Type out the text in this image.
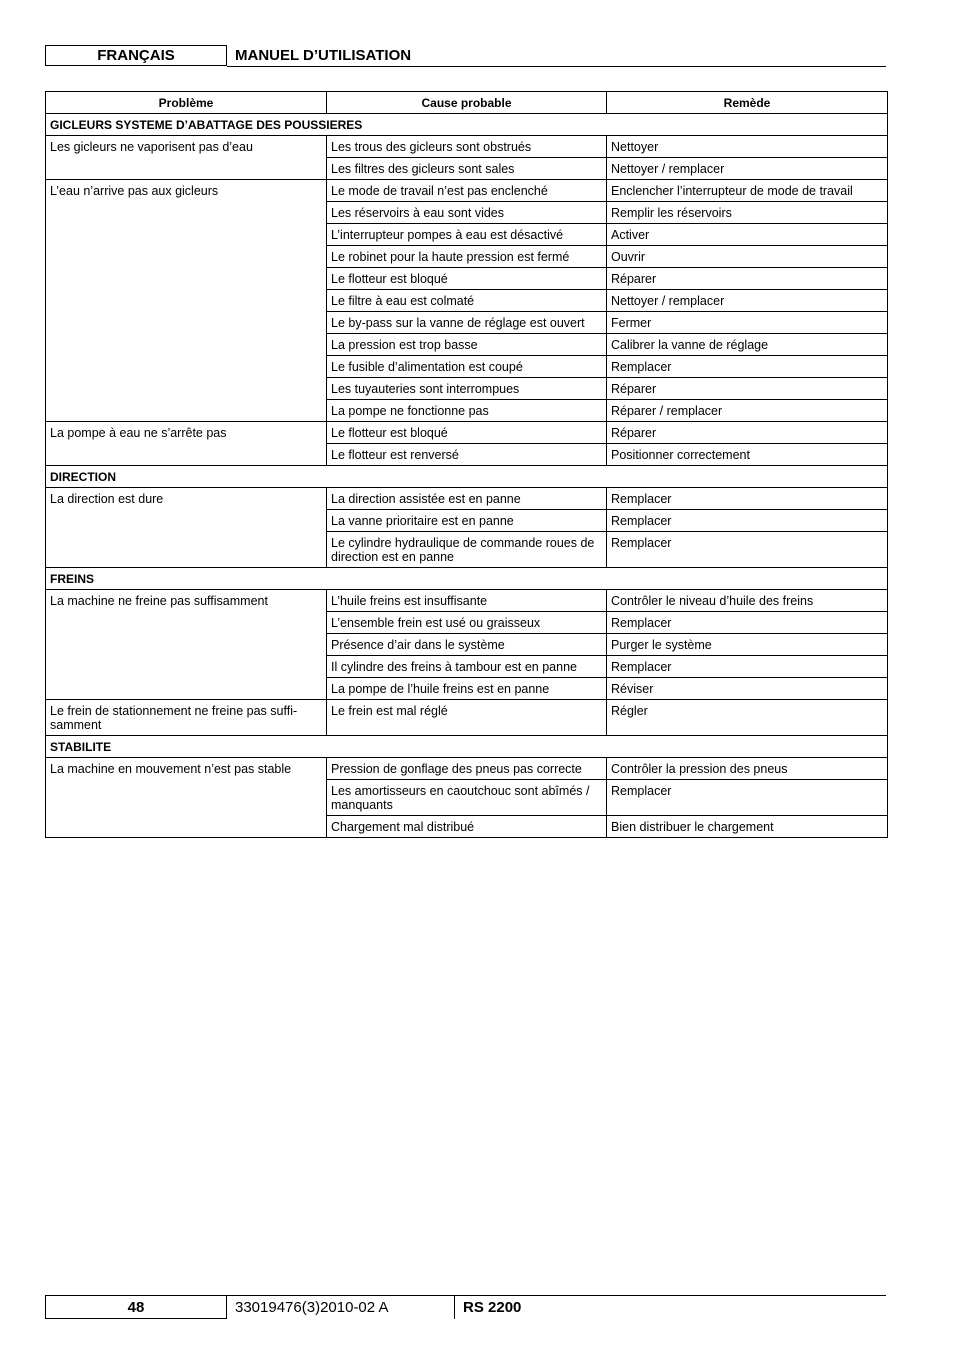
FRANÇAIS	MANUEL D’UTILISATION
Problème	Cause probable	Remède
GICLEURS SYSTEME D’ABATTAGE DES POUSSIERES		
Les gicleurs ne vaporisent pas d’eau	Les trous des gicleurs sont obstrués	Nettoyer
	Les filtres des gicleurs sont sales	Nettoyer / remplacer
L’eau n’arrive pas aux gicleurs	Le mode de travail n’est pas enclenché	Enclencher l’interrupteur de mode de travail
	Les réservoirs à eau sont vides	Remplir les réservoirs
	L’interrupteur pompes à eau est désactivé	Activer
	Le robinet pour la haute pression est fermé	Ouvrir
	Le flotteur est bloqué	Réparer
	Le filtre à eau est colmaté	Nettoyer / remplacer
	Le by-pass sur la vanne de réglage est ouvert	Fermer
	La pression est trop basse	Calibrer la vanne de réglage
	Le fusible d’alimentation est coupé	Remplacer
	Les tuyauteries sont interrompues	Réparer
	La pompe ne fonctionne pas	Réparer / remplacer
La pompe à eau ne s’arrête pas	Le flotteur est bloqué	Réparer
	Le flotteur est renversé	Positionner correctement
DIRECTION		
La direction est dure	La direction assistée est en panne	Remplacer
	La vanne prioritaire est en panne	Remplacer
	Le cylindre hydraulique de commande roues de direction est en panne	Remplacer
FREINS		
La machine ne freine pas suffisamment	L’huile freins est insuffisante	Contrôler le niveau d’huile des freins
	L’ensemble frein est usé ou graisseux	Remplacer
	Présence d’air dans le système	Purger le système
	Il cylindre des freins à tambour est en panne	Remplacer
	La pompe de l’huile freins est en panne	Réviser
Le frein de stationnement ne freine pas suffi-samment	Le frein est mal réglé	Régler
STABILITE		
La machine en mouvement n’est pas stable	Pression de gonflage des pneus pas correcte	Contrôler la pression des pneus
	Les amortisseurs en caoutchouc sont abîmés / manquants	Remplacer
	Chargement mal distribué	Bien distribuer le chargement
48	33019476(3)2010-02 A	RS 2200
